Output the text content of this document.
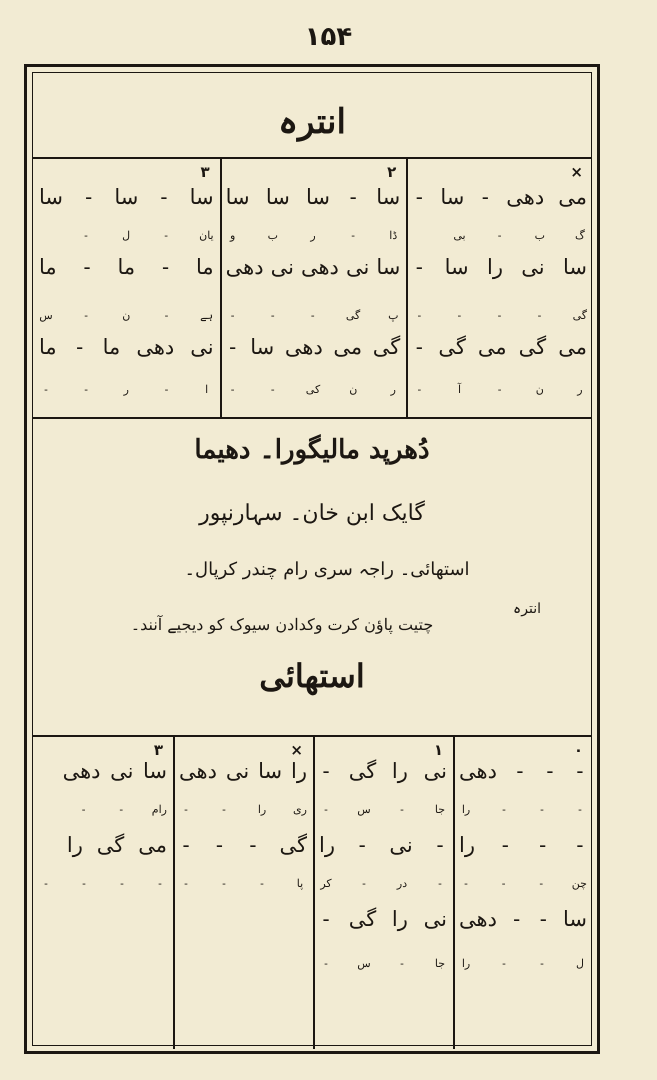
۱۵۴
انترہ
×
مى
دھى
-
سا
-
گ
ب
-
بى
سا
نى
را
سا
-
گى
-
-
-
-
مى
گى
مى
گى
-
ر
ن
-
آ
-
۲
سا
-
سا
سا
سا
ڈا
-
ر
ب
و
سا
نى
دھى
نى
دھى
پ
گى
-
-
-
گى
مى
دھى
سا
-
ر
ن
كى
-
-
۳
سا
-
سا
-
سا
يان
-
ل
-
ما
-
ما
-
ما
ہے
-
ن
-
س
نى
دھى
ما
-
ما
ا
-
ر
-
-
دُھرپد مالیگورا۔ دھیما
گایک ابن خان۔ سہارنپور
استھائی۔ راجہ سری رام چندر کرپال۔
انترہ
چتیت پاؤن کرت وکدادن سیوک کو دیجیے آنند۔
استھائی
۰
-
-
-
دھى
-
-
-
را
-
-
-
را
چن
-
-
-
سا
-
-
دھى
ل
-
-
را
۱
نى
را
گى
-
جا
-
س
-
-
نى
-
را
-
در
-
کر
نى
را
گى
-
جا
-
س
-
×
را
سا
نى
دھى
رى
را
-
-
گى
-
-
-
پا
-
-
-
۳
سا
نى
دھى
رام
-
-
مى
گى
را
-
-
-
-
